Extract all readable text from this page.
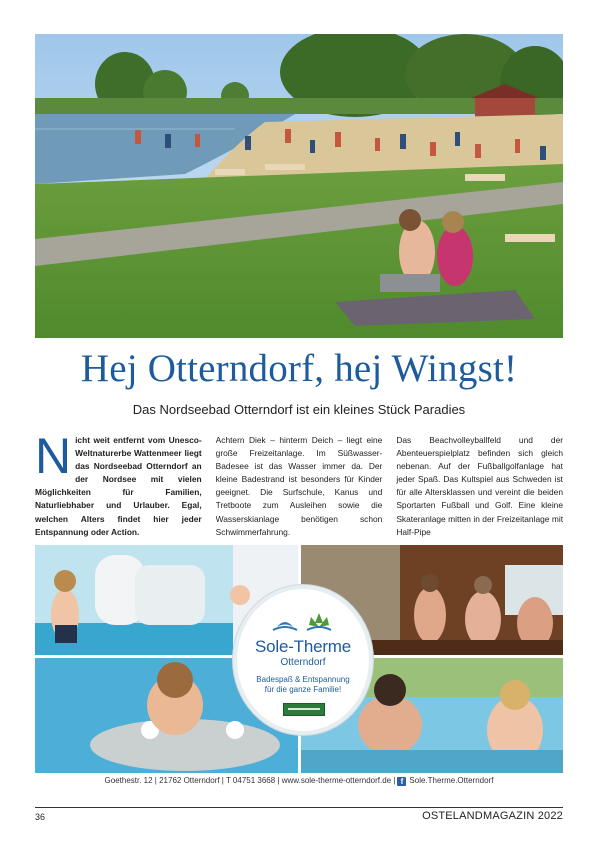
Hej Otterndorf, hej Wingst!

Das Nordseebad Otterndorf ist ein kleines Stück Paradies

Nicht weit entfernt vom Unesco-Weltnaturerbe Wattenmeer liegt das Nordseebad Otterndorf an der Nordsee mit vielen Möglichkeiten für Familien, Naturliebhaber und Urlauber. Egal, welchen Alters findet hier jeder Entspannung oder Action.
Achtern Diek – hinterm Deich – liegt eine große Freizeitanlage. Im Süßwasser-Badesee ist das Wasser immer da. Der kleine Badestrand ist besonders für Kinder geeignet. Die Surfschule, Kanus und Tretboote zum Ausleihen sowie die Wasserskianlage benötigen schon Schwimmerfahrung.
Das Beachvolleyballfeld und der Abenteuerspielplatz befinden sich gleich nebenan. Auf der Fußballgolfanlage hat jeder Spaß. Das Kultspiel aus Schweden ist für alle Altersklassen und vereint die beiden Sportarten Fußball und Golf. Eine kleine Skateranlage mitten in der Freizeitanlage mit Half-Pipe
Sole-Therme
Otterndorf
Badespaß & Entspannung
für die ganze Familie!
Goethestr. 12 | 21762 Otterndorf | T 04751 3668 | www.sole-therme-otterndorf.de | f Sole.Therme.Otterndorf
36	OSTELANDMAGAZIN 2022
